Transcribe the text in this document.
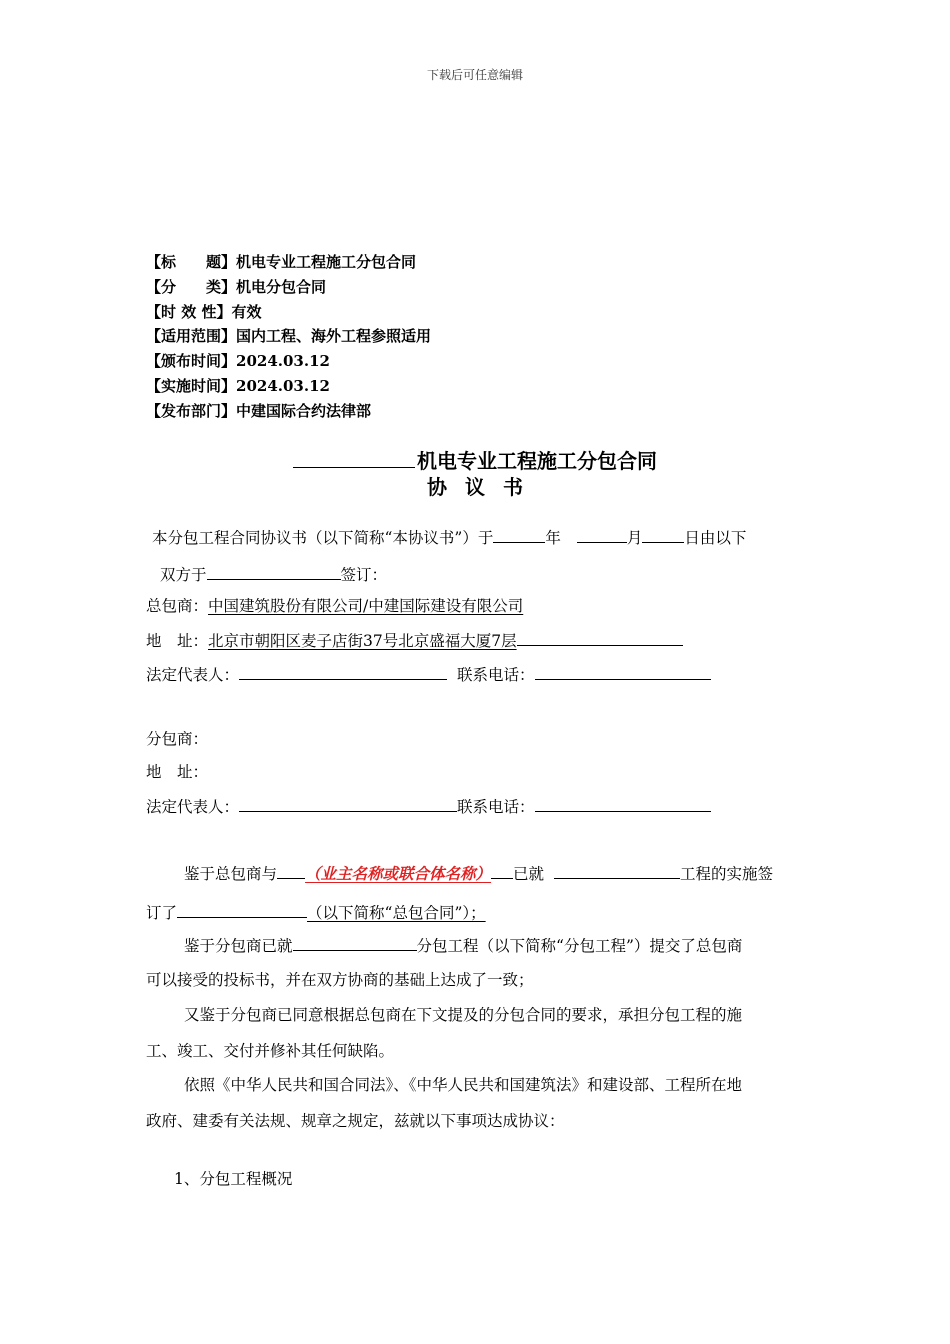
下载后可任意编辑
【标　　题】机电专业工程施工分包合同
【分　　类】机电分包合同
【时 效 性】有效
【适用范围】国内工程、海外工程参照适用
【颁布时间】2024.03.12
【实施时间】2024.03.12
【发布部门】中建国际合约法律部
机电专业工程施工分包合同
协议书
本分包工程合同协议书（以下简称“本协议书”）于	年	月	日由以下
双方于	签订：
总包商：中国建筑股份有限公司/中建国际建设有限公司
地　址：北京市朝阳区麦子店街37号北京盛福大厦7层
法定代表人：	联系电话：
分包商：
地　址：
法定代表人：	联系电话：
鉴于总包商与 （业主名称或联合体名称） 已就	工程的实施签
订了	（以下简称“总包合同”）；
鉴于分包商已就	分包工程（以下简称“分包工程”）提交了总包商
可以接受的投标书，并在双方协商的基础上达成了一致；
又鉴于分包商已同意根据总包商在下文提及的分包合同的要求，承担分包工程的施
工、竣工、交付并修补其任何缺陷。
依照《中华人民共和国合同法》、《中华人民共和国建筑法》和建设部、工程所在地
政府、建委有关法规、规章之规定，兹就以下事项达成协议：
1、分包工程概况
